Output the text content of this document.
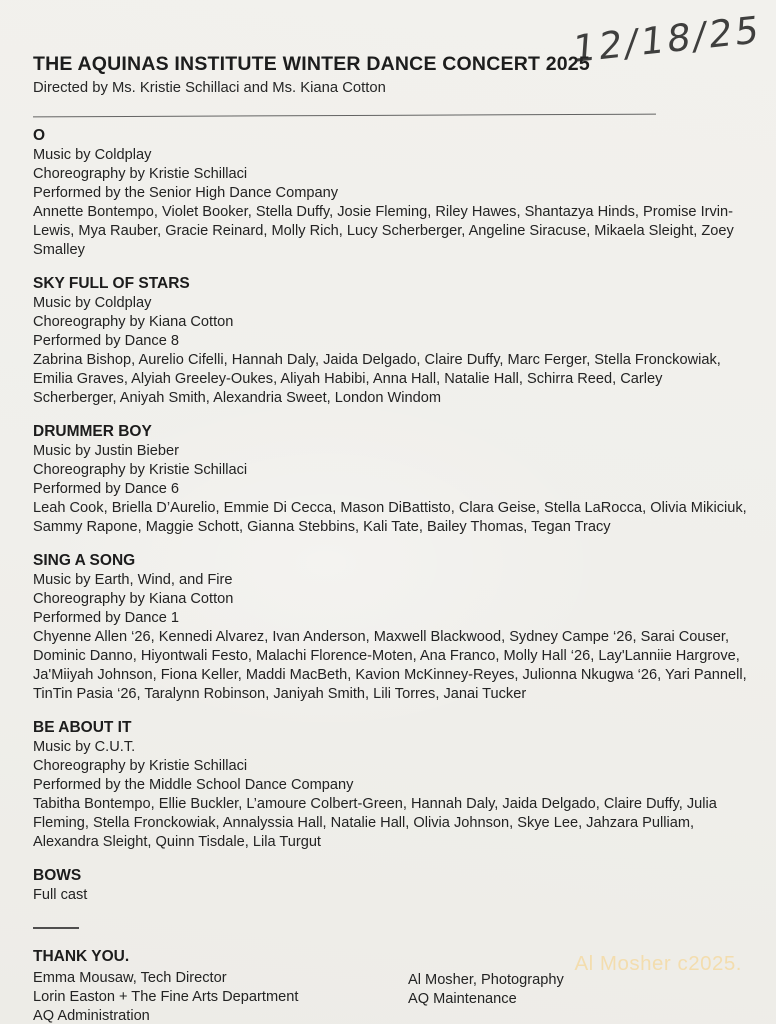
12/18/25
THE AQUINAS INSTITUTE WINTER DANCE CONCERT 2025

Directed by Ms. Kristie Schillaci and Ms. Kiana Cotton

O

Music by Coldplay

Choreography by Kristie Schillaci

Performed by the Senior High Dance Company

Annette Bontempo, Violet Booker, Stella Duffy, Josie Fleming, Riley Hawes, Shantazya Hinds, Promise Irvin-Lewis, Mya Rauber, Gracie Reinard, Molly Rich, Lucy Scherberger, Angeline Siracuse, Mikaela Sleight, Zoey Smalley

SKY FULL OF STARS

Music by Coldplay

Choreography by Kiana Cotton

Performed by Dance 8

Zabrina Bishop, Aurelio Cifelli, Hannah Daly, Jaida Delgado, Claire Duffy, Marc Ferger, Stella Fronckowiak, Emilia Graves, Alyiah Greeley-Oukes, Aliyah Habibi, Anna Hall, Natalie Hall, Schirra Reed, Carley Scherberger, Aniyah Smith, Alexandria Sweet, London Windom

DRUMMER BOY

Music by Justin Bieber

Choreography by Kristie Schillaci

Performed by Dance 6

Leah Cook, Briella D’Aurelio, Emmie Di Cecca, Mason DiBattisto, Clara Geise, Stella LaRocca, Olivia Mikiciuk, Sammy Rapone, Maggie Schott, Gianna Stebbins, Kali Tate, Bailey Thomas, Tegan Tracy

SING A SONG

Music by Earth, Wind, and Fire

Choreography by Kiana Cotton

Performed by Dance 1

Chyenne Allen ‘26, Kennedi Alvarez, Ivan Anderson, Maxwell Blackwood, Sydney Campe ‘26, Sarai Couser, Dominic Danno, Hiyontwali Festo, Malachi Florence-Moten, Ana Franco, Molly Hall ‘26, Lay'Lanniie Hargrove, Ja'Miiyah Johnson, Fiona Keller, Maddi MacBeth, Kavion McKinney-Reyes, Julionna Nkugwa ‘26, Yari Pannell, TinTin Pasia ‘26, Taralynn Robinson, Janiyah Smith, Lili Torres, Janai Tucker

BE ABOUT IT

Music by C.U.T.

Choreography by Kristie Schillaci

Performed by the Middle School Dance Company

Tabitha Bontempo, Ellie Buckler, L’amoure Colbert-Green, Hannah Daly, Jaida Delgado, Claire Duffy, Julia Fleming, Stella Fronckowiak, Annalyssia Hall, Natalie Hall, Olivia Johnson, Skye Lee, Jahzara Pulliam, Alexandra Sleight, Quinn Tisdale, Lila Turgut

BOWS

Full cast

THANK YOU.

Emma Mousaw, Tech Director

Lorin Easton + The Fine Arts Department

AQ Administration

Al Mosher, Photography

AQ Maintenance

Al Mosher c2025.
